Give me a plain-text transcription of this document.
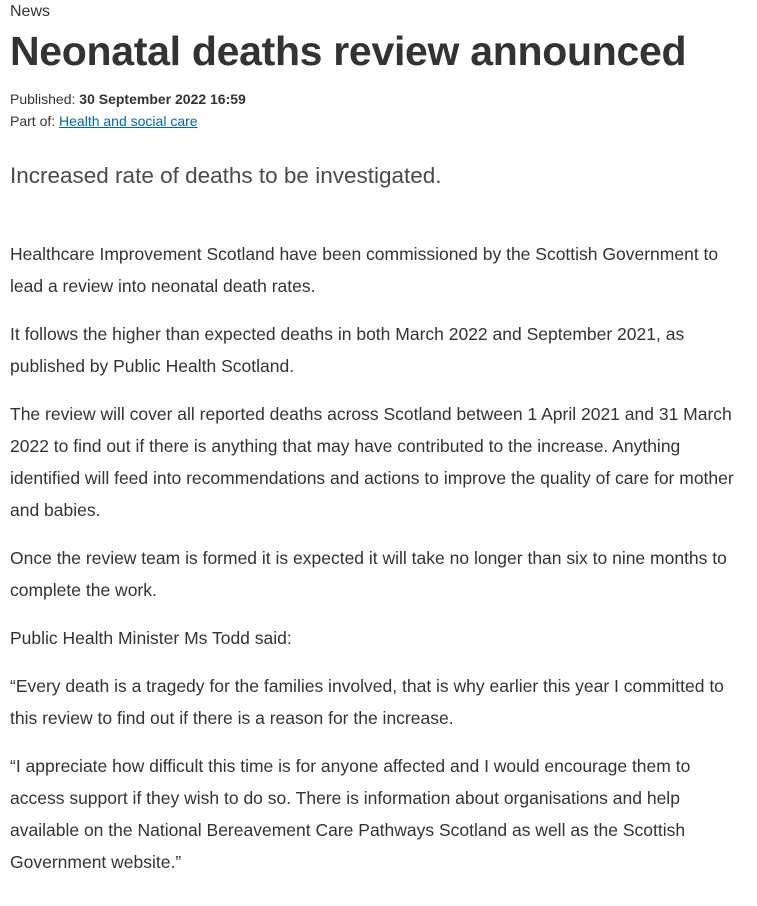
News
Neonatal deaths review announced
Published: 30 September 2022 16:59
Part of: Health and social care
Increased rate of deaths to be investigated.

Healthcare Improvement Scotland have been commissioned by the Scottish Government to lead a review into neonatal death rates.

It follows the higher than expected deaths in both March 2022 and September 2021, as published by Public Health Scotland.

The review will cover all reported deaths across Scotland between 1 April 2021 and 31 March 2022 to find out if there is anything that may have contributed to the increase. Anything identified will feed into recommendations and actions to improve the quality of care for mother and babies.

Once the review team is formed it is expected it will take no longer than six to nine months to complete the work.

Public Health Minister Ms Todd said:

“Every death is a tragedy for the families involved, that is why earlier this year I committed to this review to find out if there is a reason for the increase.

“I appreciate how difficult this time is for anyone affected and I would encourage them to access support if they wish to do so. There is information about organisations and help available on the National Bereavement Care Pathways Scotland as well as the Scottish Government website.”
